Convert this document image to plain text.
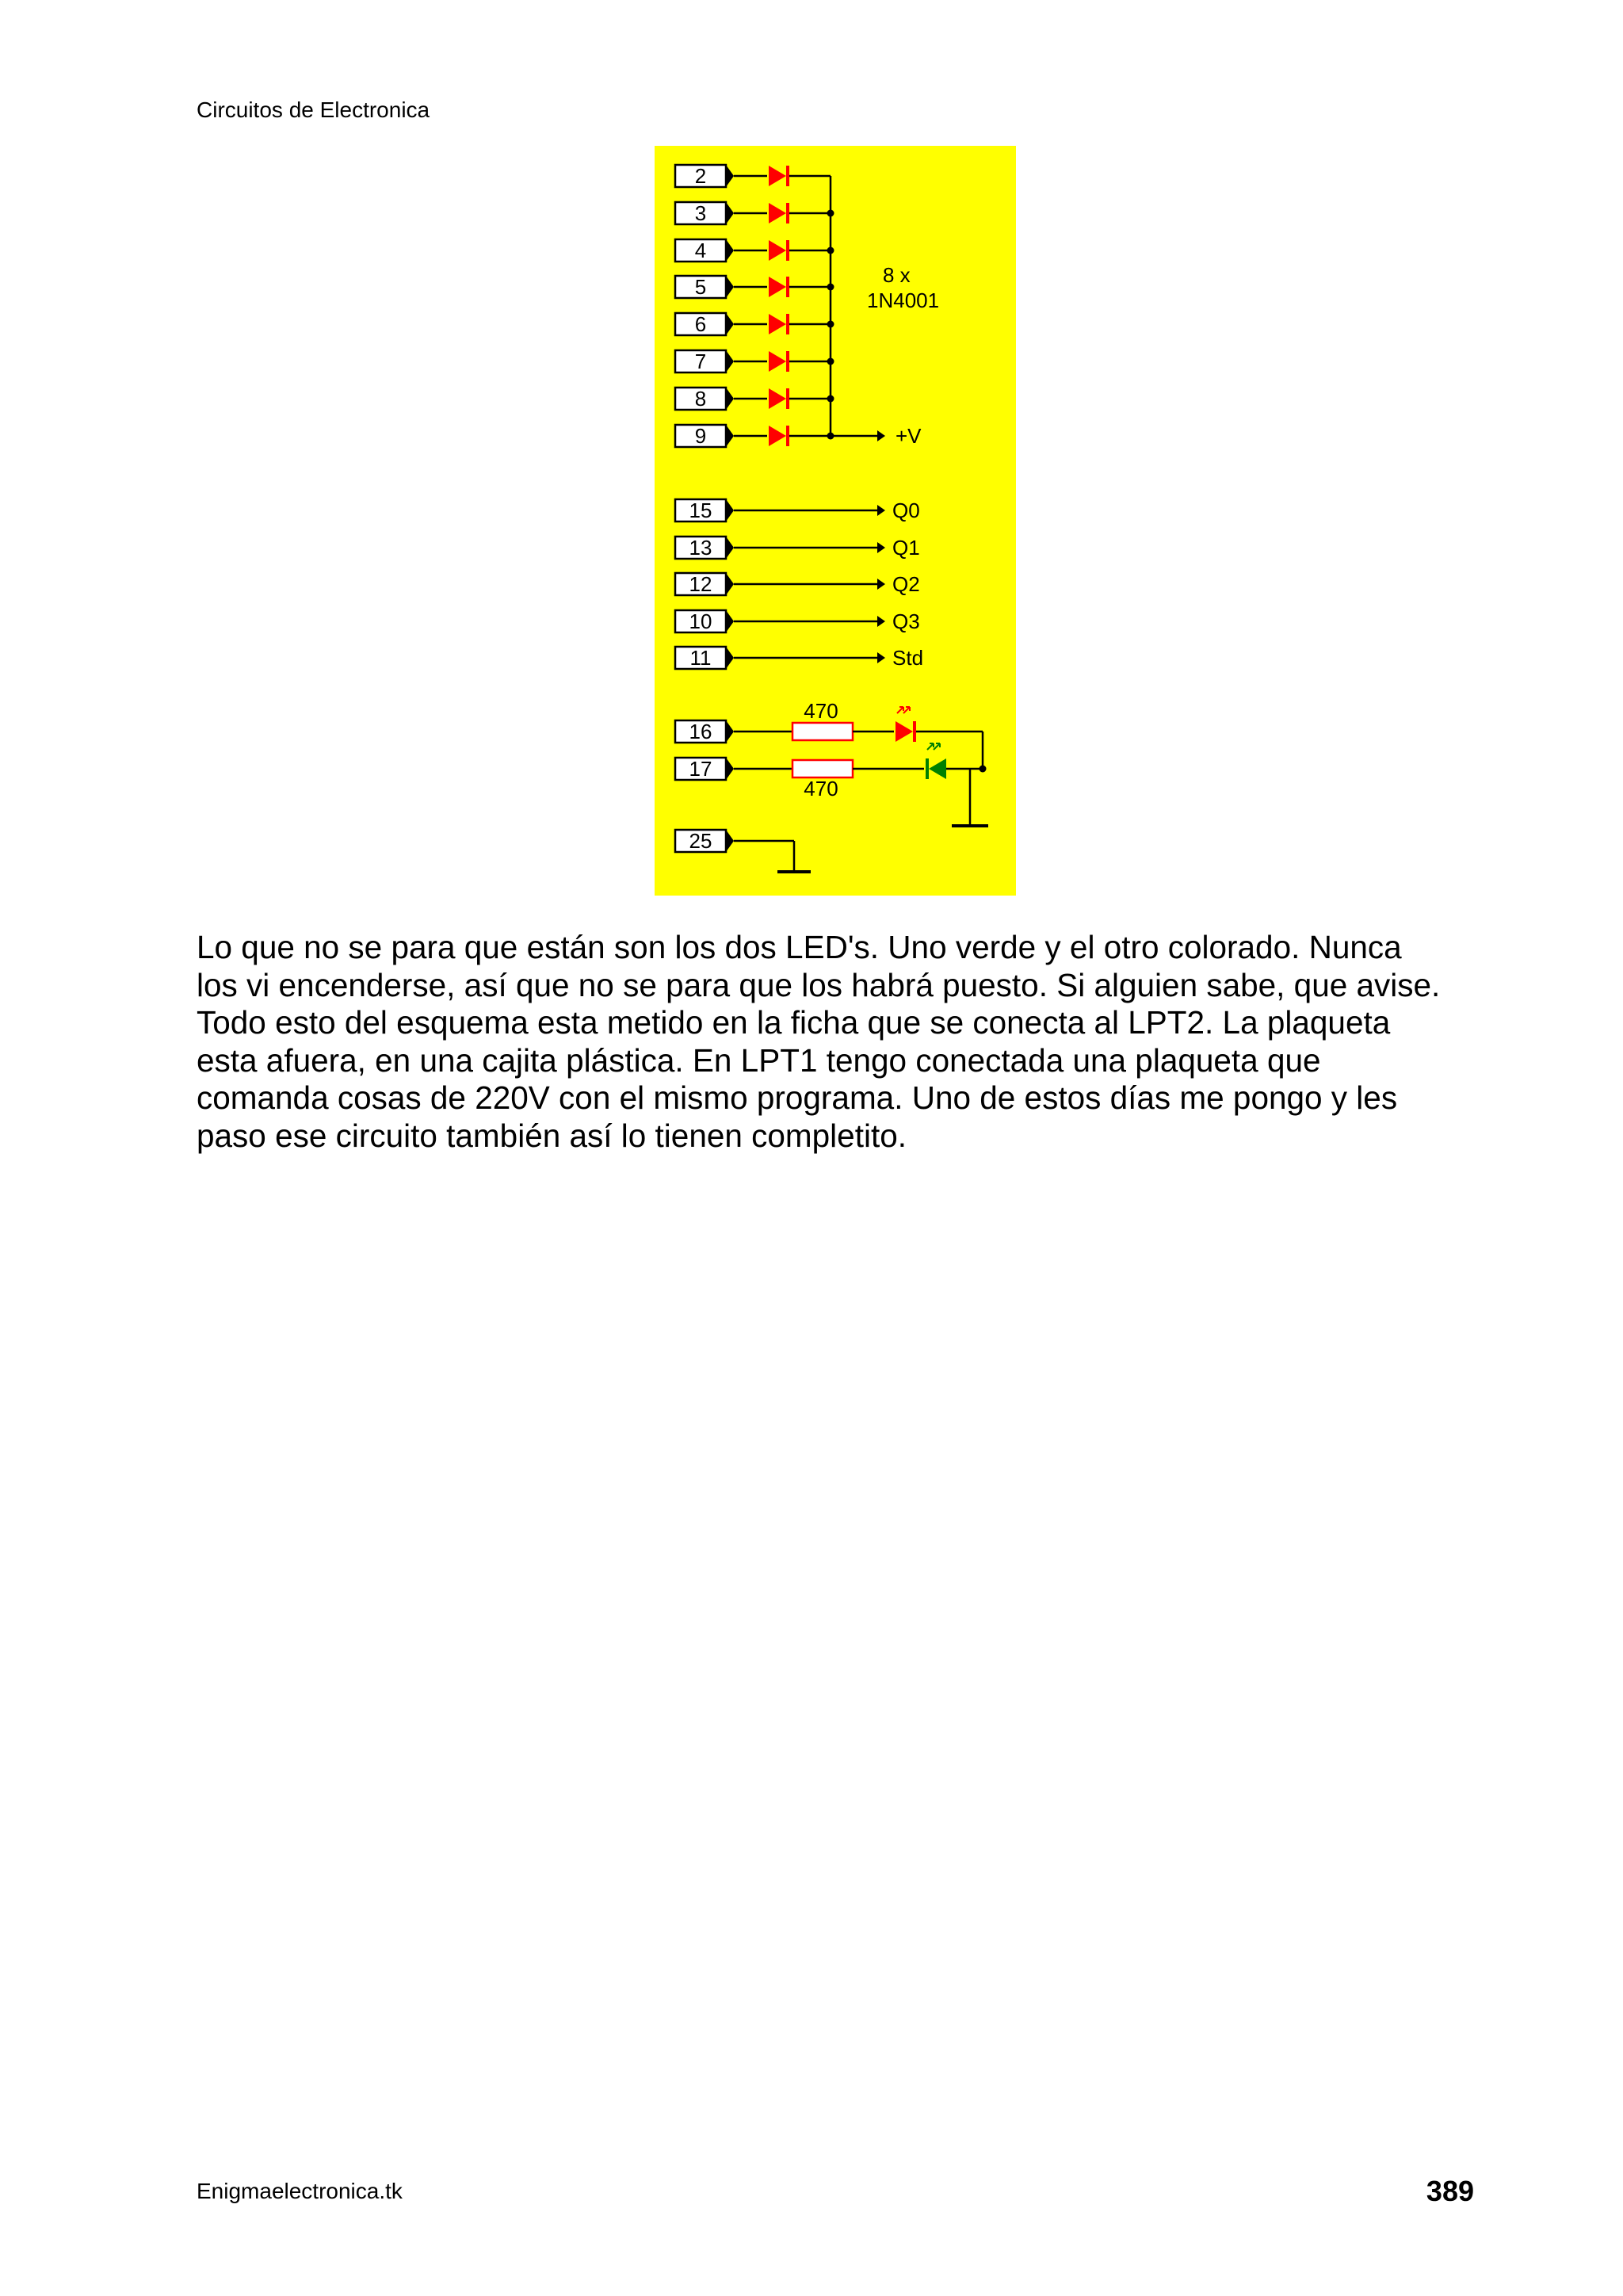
Circuitos de Electronica
2
3
4
5
6
7
8
9	+V
8 x
1N4001
15	Q0
13	Q1
12	Q2
10	Q3
11	Std
16
470
17
470
25

Lo que no se para que están son los dos LED's. Uno verde y el otro colorado. Nunca

los vi encenderse, así que no se para que los habrá puesto. Si alguien sabe, que avise.

Todo esto del esquema esta metido en la ficha que se conecta al LPT2. La plaqueta

esta afuera, en una cajita plástica. En LPT1 tengo conectada una plaqueta que

comanda cosas de 220V con el mismo programa. Uno de estos días me pongo y les

paso ese circuito también así lo tienen completito.

Enigmaelectronica.tk	389
